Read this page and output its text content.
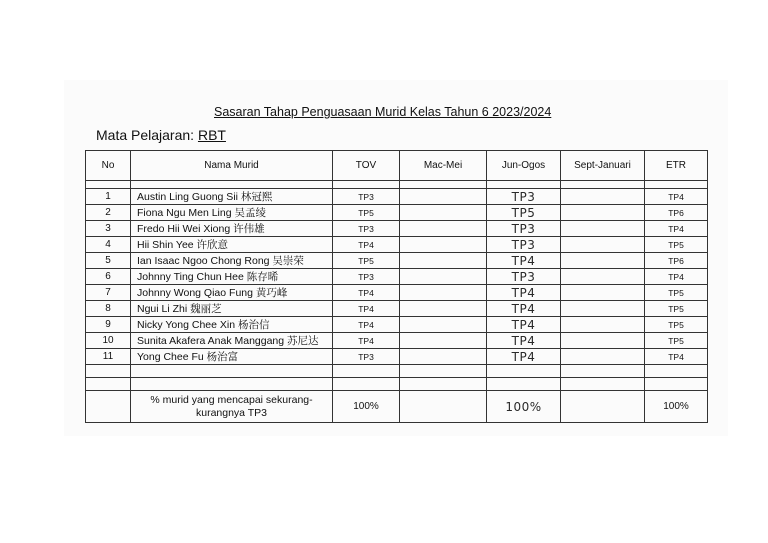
Sasaran Tahap Penguasaan Murid Kelas Tahun 6 2023/2024
Mata Pelajaran: RBT
No	Nama Murid	TOV	Mac-Mei	Jun-Ogos	Sept-Januari	ETR

1	Austin Ling Guong Sii 林冠熙	TP3		TP3		TP4
2	Fiona Ngu Men Ling 吴孟绫	TP5		TP5		TP6
3	Fredo Hii Wei Xiong 许伟雄	TP3		TP3		TP4
4	Hii Shin Yee 许欣意	TP4		TP3		TP5
5	Ian Isaac Ngoo Chong Rong 吴崇荣	TP5		TP4		TP6
6	Johnny Ting Chun Hee 陈存晞	TP3		TP3		TP4
7	Johnny Wong Qiao Fung 黄巧峰	TP4		TP4		TP5
8	Ngui Li Zhi 魏丽芝	TP4		TP4		TP5
9	Nicky Yong Chee Xin 杨治信	TP4		TP4		TP5
10	Sunita Akafera Anak Manggang 苏尼达	TP4		TP4		TP5
11	Yong Chee Fu 杨治富	TP3		TP4		TP4

	% murid yang mencapai sekurang-kurangnya TP3	100%		100%		100%
